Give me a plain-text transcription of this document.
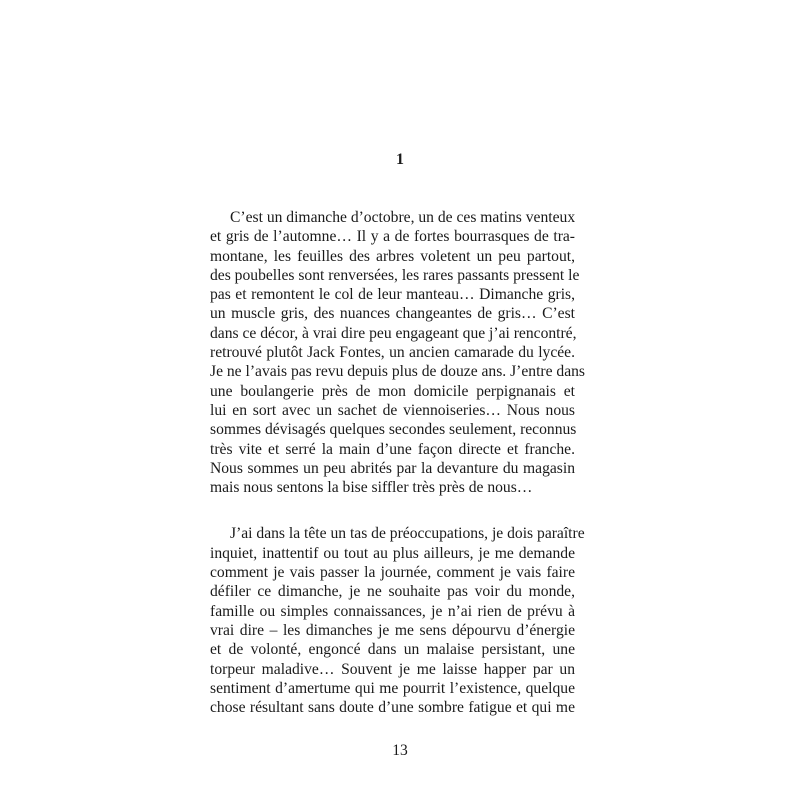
1

C’est un dimanche d’octobre, un de ces matins venteux
et gris de l’automne… Il y a de fortes bourrasques de tra-
montane, les feuilles des arbres voletent un peu partout,
des poubelles sont renversées, les rares passants pressent le
pas et remontent le col de leur manteau… Dimanche gris,
un muscle gris, des nuances changeantes de gris… C’est
dans ce décor, à vrai dire peu engageant que j’ai rencontré,
retrouvé plutôt Jack Fontes, un ancien camarade du lycée.
Je ne l’avais pas revu depuis plus de douze ans. J’entre dans
une boulangerie près de mon domicile perpignanais et
lui en sort avec un sachet de viennoiseries… Nous nous
sommes dévisagés quelques secondes seulement, reconnus
très vite et serré la main d’une façon directe et franche.
Nous sommes un peu abrités par la devanture du magasin
mais nous sentons la bise siffler très près de nous…

J’ai dans la tête un tas de préoccupations, je dois paraître
inquiet, inattentif ou tout au plus ailleurs, je me demande
comment je vais passer la journée, comment je vais faire
défiler ce dimanche, je ne souhaite pas voir du monde,
famille ou simples connaissances, je n’ai rien de prévu à
vrai dire – les dimanches je me sens dépourvu d’énergie
et de volonté, engoncé dans un malaise persistant, une
torpeur maladive… Souvent je me laisse happer par un
sentiment d’amertume qui me pourrit l’existence, quelque
chose résultant sans doute d’une sombre fatigue et qui me

13
